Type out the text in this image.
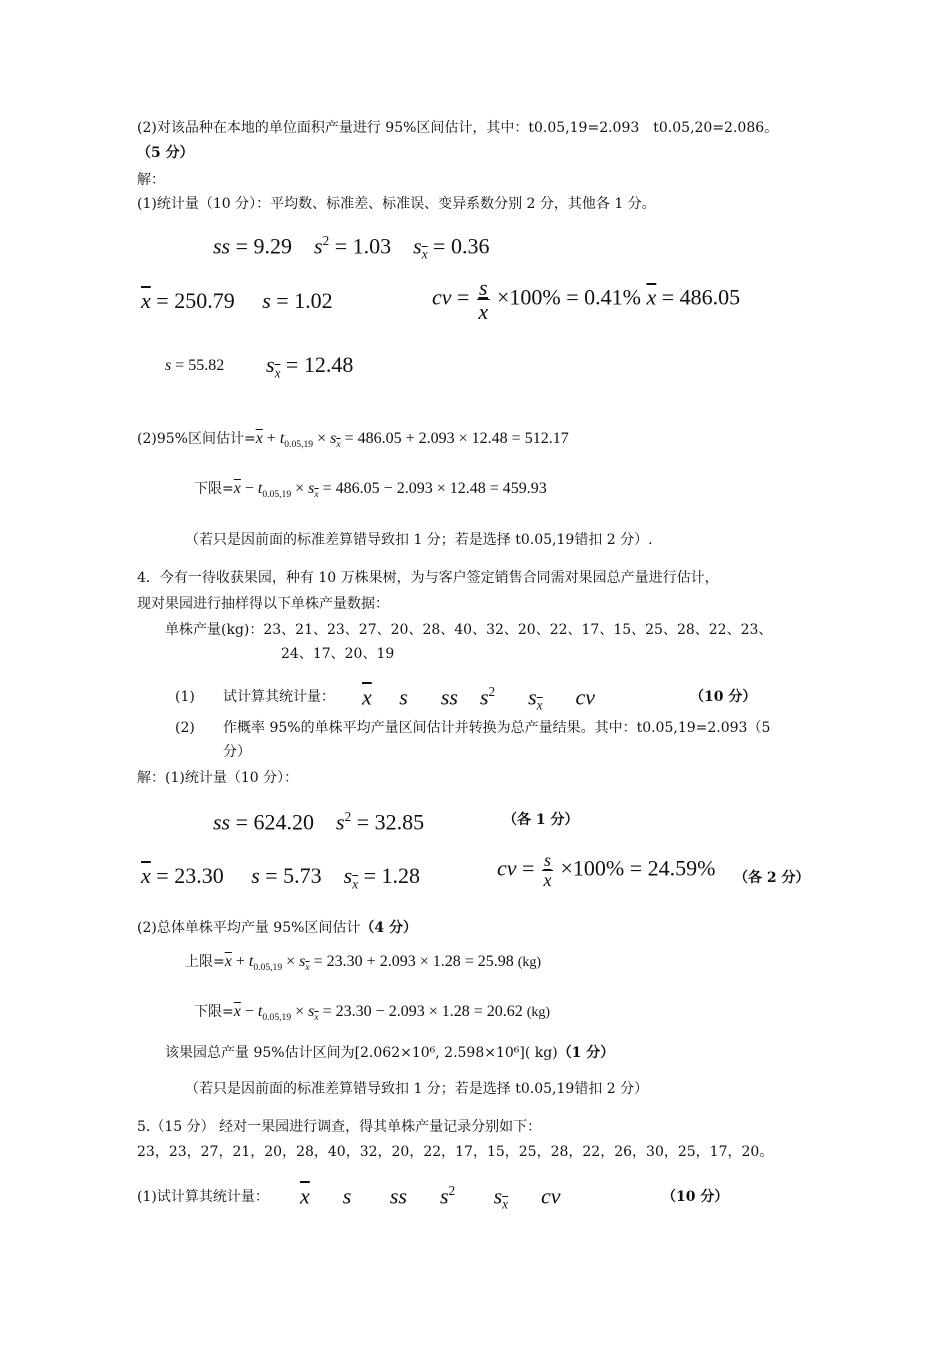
(2)对该品种在本地的单位面积产量进行 95%区间估计，其中：t0.05,19=2.093　t0.05,20=2.086。
（5 分）
解：
(1)统计量（10 分）：平均数、标准差、标准误、变异系数分别 2 分，其他各 1 分。
ss = 9.29 $s^2 = 1.03$ $s_{\overline{x}} = 0.36$
$\overline{x} = 250.79$ s = 1.02	cv = $\frac{s}{x} \times 100\% = 0.41\%$ $\overline{x} = 486.05$
s = 55.82 $s_{\overline{x}} = 12.48$
(2)95%区间估计$=\overline{x} + t_{0.05,19} \times s_{\overline{x}} = 486.05 + 2.093 \times 12.48 = 512.17$
下限$=\overline{x} - t_{0.05,19} \times s_{\overline{x}} = 486.05 - 2.093 \times 12.48 = 459.93$
（若只是因前面的标准差算错导致扣 1 分；若是选择 t0.05,19错扣 2 分）.
4．今有一待收获果园，种有 10 万株果树，为与客户签定销售合同需对果园总产量进行估计，
现对果园进行抽样得以下单株产量数据：
单株产量(kg)：23、21、23、27、20、28、40、32、20、22、17、15、25、28、22、23、
24、17、20、19
(1) 试计算其统计量： $\overline{x}$ s ss $s^2$ $s_{\overline{x}}$ cv	（10 分）
(2) 作概率 95%的单株平均产量区间估计并转换为总产量结果。其中：t0.05,19=2.093（5
分）
解：(1)统计量（10 分）：
ss = 624.20 $s^2 = 32.85$	（各 1 分）
$\overline{x} = 23.30$ s = 5.73 $s_{\overline{x}} = 1.28$	cv = $\frac{s}{x} \times 100\% = 24.59\%$ （各 2 分）
(2)总体单株平均产量 95%区间估计（4 分）
上限$=\overline{x} + t_{0.05,19} \times s_{\overline{x}} = 23.30 + 2.093 \times 1.28 = 25.98$ (kg)
下限$=\overline{x} - t_{0.05,19} \times s_{\overline{x}} = 23.30 - 2.093 \times 1.28 = 20.62$ (kg)
该果园总产量 95%估计区间为[2.062×10⁶, 2.598×10⁶]( kg)（1 分）
（若只是因前面的标准差算错导致扣 1 分；若是选择 t0.05,19错扣 2 分）
5.（15 分） 经对一果园进行调查，得其单株产量记录分别如下：
23，23，27，21，20，28，40，32，20，22，17，15，25，28，22，26，30，25，17，20。
(1)试计算其统计量： $\overline{x}$ s ss $s^2$ $s_{\overline{x}}$ cv	（10 分）
